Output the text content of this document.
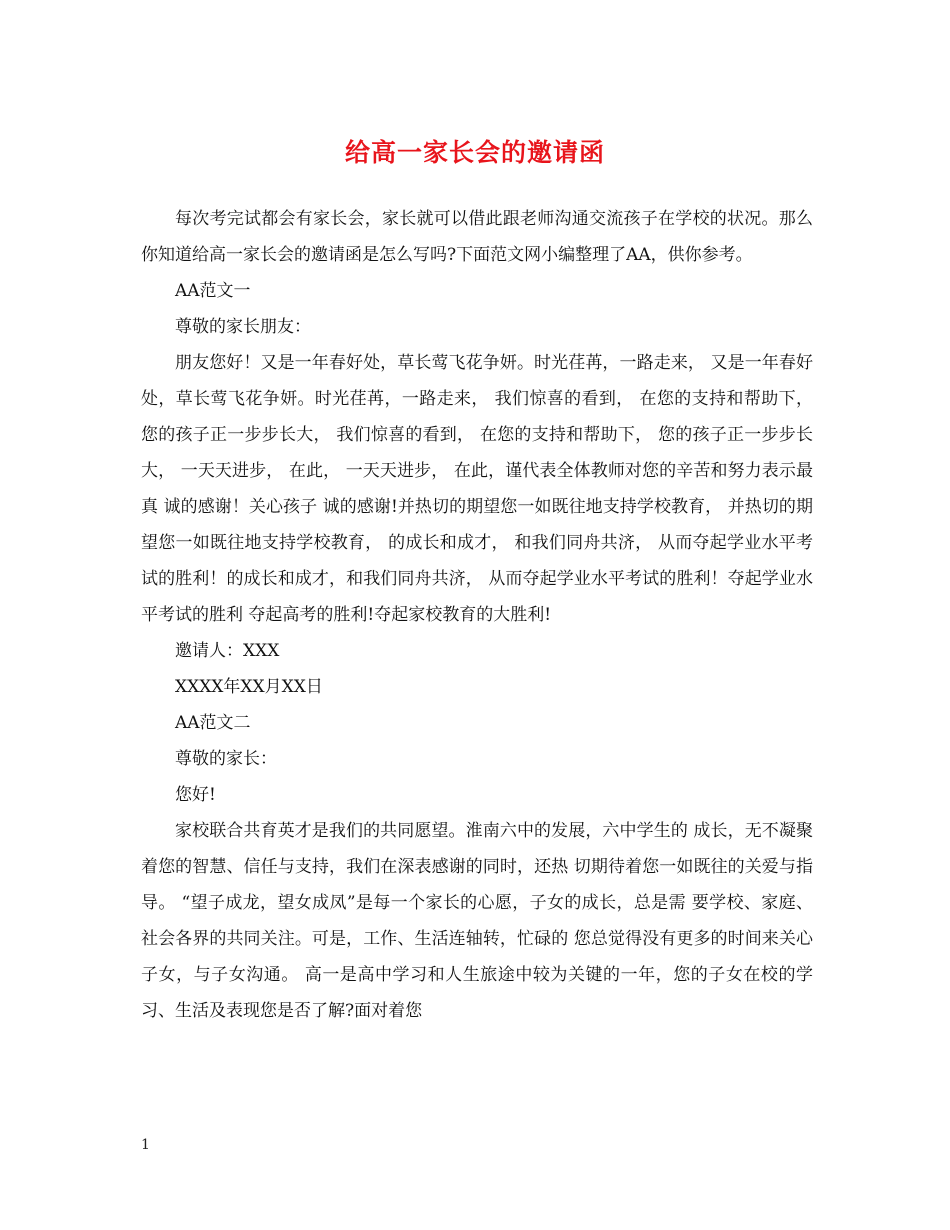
给高一家长会的邀请函

每次考完试都会有家长会，家长就可以借此跟老师沟通交流孩子在学校的状况。那么你知道给高一家长会的邀请函是怎么写吗?下面范文网小编整理了AA，供你参考。

AA范文一

尊敬的家长朋友：

朋友您好！又是一年春好处，草长莺飞花争妍。时光荏苒，一路走来， 又是一年春好处，草长莺飞花争妍。时光荏苒，一路走来， 我们惊喜的看到， 在您的支持和帮助下， 您的孩子正一步步长大， 我们惊喜的看到， 在您的支持和帮助下， 您的孩子正一步步长大， 一天天进步， 在此， 一天天进步， 在此，谨代表全体教师对您的辛苦和努力表示最真 诚的感谢！关心孩子 诚的感谢!并热切的期望您一如既往地支持学校教育， 并热切的期望您一如既往地支持学校教育， 的成长和成才， 和我们同舟共济， 从而夺起学业水平考试的胜利！的成长和成才，和我们同舟共济， 从而夺起学业水平考试的胜利！夺起学业水平考试的胜利 夺起高考的胜利!夺起家校教育的大胜利!

邀请人：XXX

XXXX年XX月XX日

AA范文二

尊敬的家长：

您好!

家校联合共育英才是我们的共同愿望。淮南六中的发展，六中学生的 成长，无不凝聚着您的智慧、信任与支持，我们在深表感谢的同时，还热 切期待着您一如既往的关爱与指导。 “望子成龙，望女成凤”是每一个家长的心愿，子女的成长，总是需 要学校、家庭、社会各界的共同关注。可是，工作、生活连轴转，忙碌的 您总觉得没有更多的时间来关心子女，与子女沟通。 高一是高中学习和人生旅途中较为关键的一年，您的子女在校的学 习、生活及表现您是否了解?面对着您

1
